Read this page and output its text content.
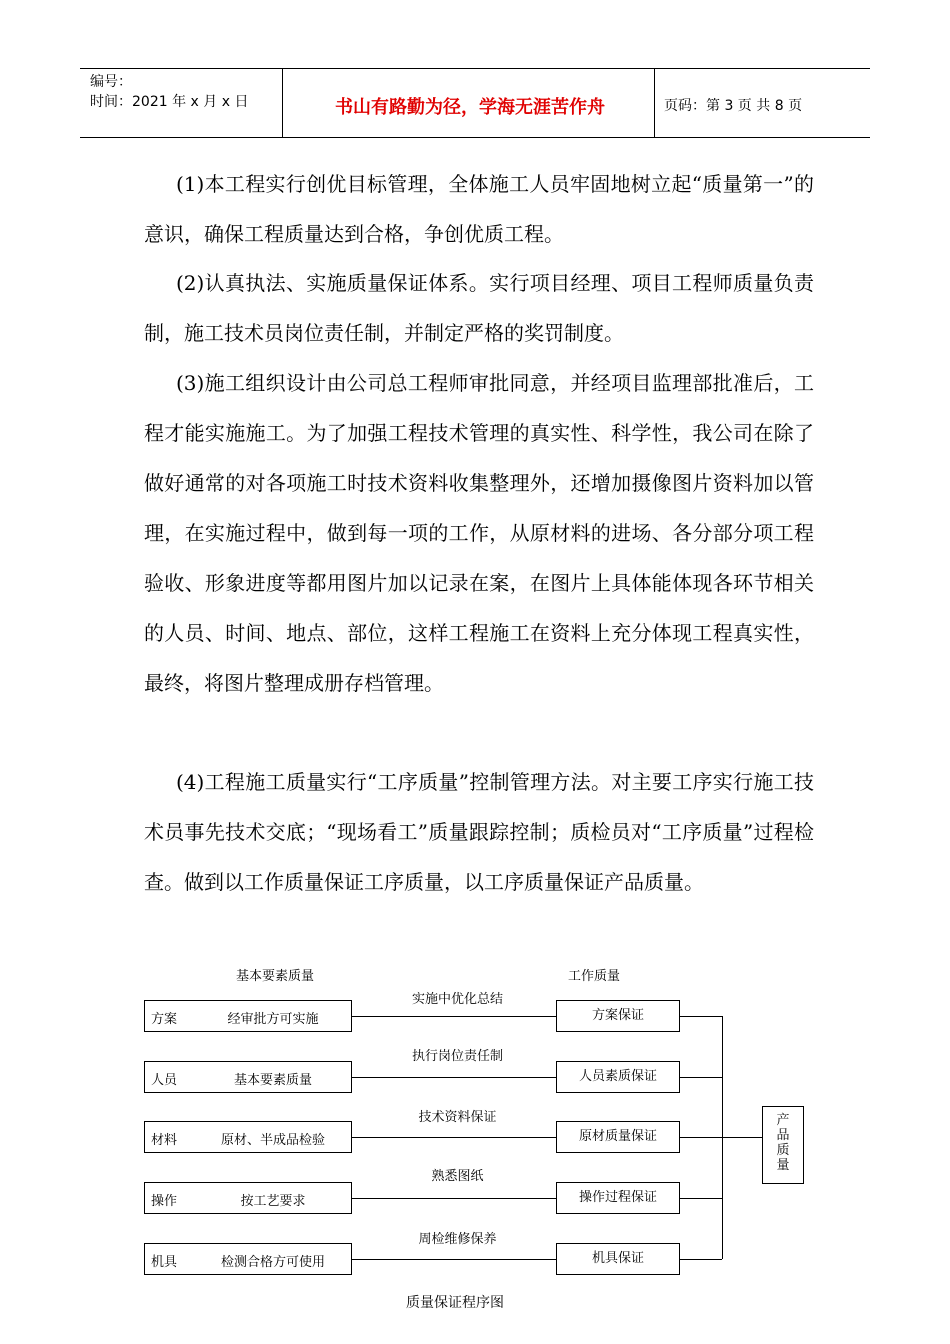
编号：
时间：2021 年 x 月 x 日	书山有路勤为径，学海无涯苦作舟	页码：第 3 页 共 8 页
(1)本工程实行创优目标管理，全体施工人员牢固地树立起“质量第一”的意识，确保工程质量达到合格，争创优质工程。
(2)认真执法、实施质量保证体系。实行项目经理、项目工程师质量负责制，施工技术员岗位责任制，并制定严格的奖罚制度。
(3)施工组织设计由公司总工程师审批同意，并经项目监理部批准后，工程才能实施施工。为了加强工程技术管理的真实性、科学性，我公司在除了做好通常的对各项施工时技术资料收集整理外，还增加摄像图片资料加以管理，在实施过程中，做到每一项的工作，从原材料的进场、各分部分项工程验收、形象进度等都用图片加以记录在案，在图片上具体能体现各环节相关的人员、时间、地点、部位，这样工程施工在资料上充分体现工程真实性，最终，将图片整理成册存档管理。
(4)工程施工质量实行“工序质量”控制管理方法。对主要工序实行施工技术员事先技术交底；“现场看工”质量跟踪控制；质检员对“工序质量”过程检查。做到以工作质量保证工序质量，以工序质量保证产品质量。
基本要素质量	工作质量
方案	经审批方可实施
实施中优化总结
方案保证
人员	基本要素质量
执行岗位责任制
人员素质保证
材料	原材、半成品检验
技术资料保证
原材质量保证
操作	按工艺要求
熟悉图纸
操作过程保证
机具	检测合格方可使用
周检维修保养
机具保证
产
品
质
量
质量保证程序图
